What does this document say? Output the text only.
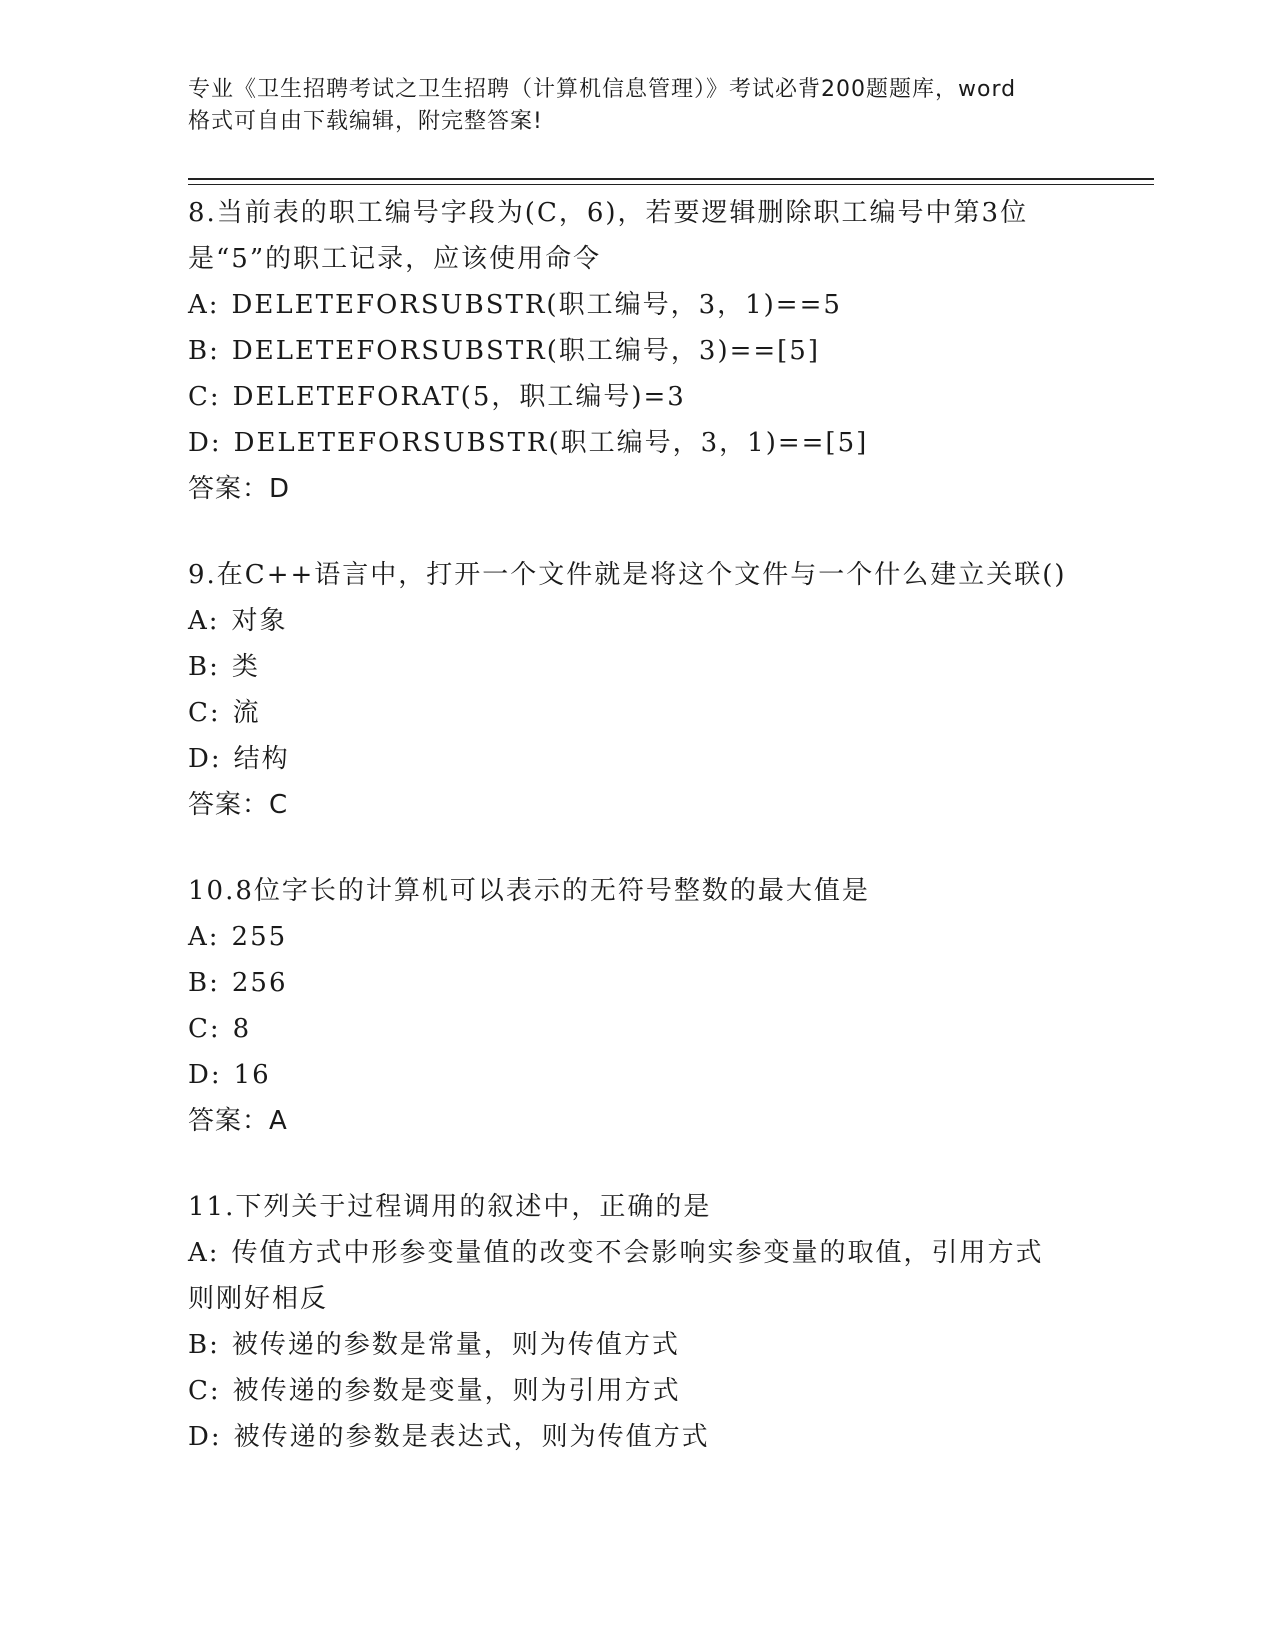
专业《卫生招聘考试之卫生招聘（计算机信息管理）》考试必背200题题库，word
格式可自由下载编辑，附完整答案!
8.当前表的职工编号字段为(C，6)，若要逻辑删除职工编号中第3位
是“5”的职工记录，应该使用命令
A: DELETEFORSUBSTR(职工编号，3，1)==5
B: DELETEFORSUBSTR(职工编号，3)==[5]
C: DELETEFORAT(5，职工编号)=3
D: DELETEFORSUBSTR(职工编号，3，1)==[5]
答案：D
9.在C++语言中，打开一个文件就是将这个文件与一个什么建立关联()
A: 对象
B: 类
C: 流
D: 结构
答案：C
10.8位字长的计算机可以表示的无符号整数的最大值是
A: 255
B: 256
C: 8
D: 16
答案：A
11.下列关于过程调用的叙述中，正确的是
A: 传值方式中形参变量值的改变不会影响实参变量的取值，引用方式
则刚好相反
B: 被传递的参数是常量，则为传值方式
C: 被传递的参数是变量，则为引用方式
D: 被传递的参数是表达式，则为传值方式
